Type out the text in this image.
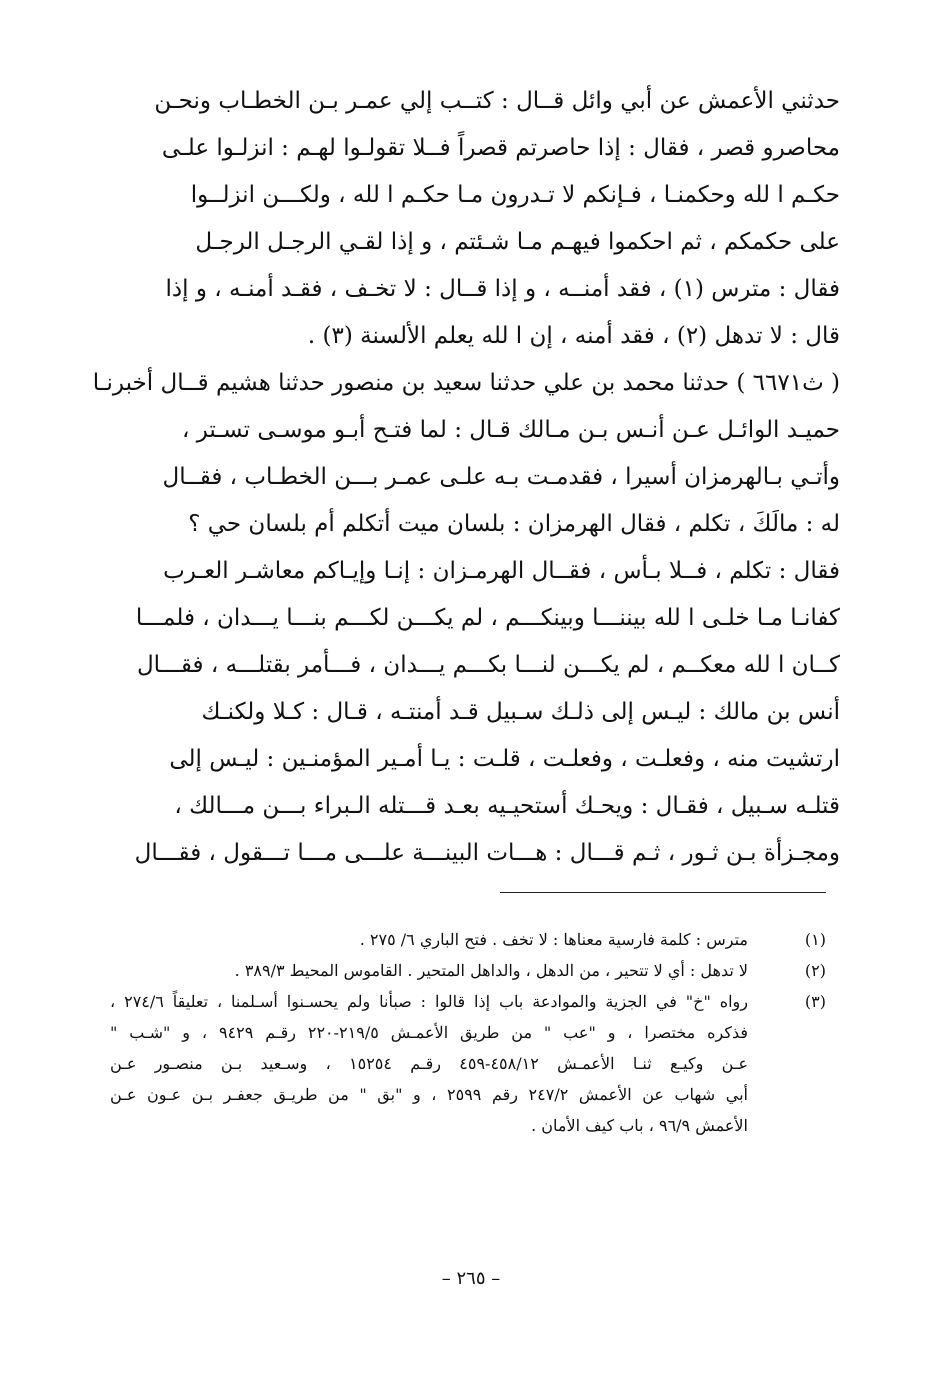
حدثني الأعمش عن أبي وائل قــال : كتــب إلي عمـر بـن الخطـاب ونحـن
محاصرو قصر ، فقال : إذا حاصرتم قصراً فــلا تقولـوا لهـم : انزلـوا علـى
حكـم ا لله وحكمنـا ، فـإنكم لا تـدرون مـا حكـم ا لله ، ولكـــن انزلــوا
على حكمكم ، ثم احكموا فيهـم مـا شـئتم ، و إذا لقـي الرجـل الرجـل
فقال : مترس (١) ، فقد أمنــه ، و إذا قــال : لا تخـف ، فقـد أمنـه ، و إذا
قال : لا تدهل (٢) ، فقد أمنه ، إن ا لله يعلم الألسنة (٣) .
( ث٦٦٧١ ) حدثنا محمد بن علي حدثنا سعيد بن منصور حدثنا هشيم قــال أخبرنـا
حميـد الوائـل عـن أنـس بـن مـالك قـال : لما فتـح أبـو موسـى تسـتر ،
وأتـي بـالهرمزان أسيرا ، فقدمـت بـه علـى عمـر بـــن الخطـاب ، فقــال
له : مالَكَ ، تكلم ، فقال الهرمزان : بلسان ميت أتكلم أم بلسان حي ؟
فقال : تكلم ، فــلا بـأس ، فقــال الهرمـزان : إنـا وإيـاكم معاشـر العـرب
كفانـا مـا خلـى ا لله بيننـــا وبينكـــم ، لم يكـــن لكـــم بنـــا يـــدان ، فلمـــا
كــان ا لله معكــم ، لم يكـــن لنـــا بكـــم يـــدان ، فـــأمر بقتلـــه ، فقـــال
أنس بن مالك : ليـس إلى ذلـك سـبيل قـد أمنتـه ، قـال : كـلا ولكنـك
ارتشيت منه ، وفعلـت ، وفعلـت ، قلـت : يـا أمـير المؤمنـين : ليـس إلى
قتلـه سـبيل ، فقـال : ويحـك أستحيـيه بعـد قـــتله الـبراء بـــن مـــالك ،
ومجـزأة بـن ثـور ، ثـم قـــال : هـــات البينـــة علـــى مـــا تـــقول ، فقـــال
(١)
مترس : كلمة فارسية معناها : لا تخف . فتح الباري ٦/ ٢٧٥ .
(٢)
لا تدهل : أي لا تتحير ، من الدهل ، والداهل المتحير . القاموس المحيط ٣٨٩/٣ .
(٣)
رواه "خ" في الجزية والموادعة باب إذا قالوا : صبأنا ولم يحسـنوا أسـلمنا ، تعليقاً ٢٧٤/٦ ،
فذكره مختصرا ، و "عب " من طريق الأعمـش ٢١٩/٥-٢٢٠ رقـم ٩٤٢٩ ، و "شـب "
عـن وكيـع ثنـا الأعمـش ٤٥٨/١٢-٤٥٩ رقـم ١٥٢٥٤ ، وسـعيد بـن منصـور عـن
أبي شهاب عن الأعمش ٢٤٧/٢ رقم ٢٥٩٩ ، و "بق " من طريـق جعفـر بـن عـون عـن
الأعمش ٩٦/٩ ، باب كيف الأمان .
– ٢٦٥ –
